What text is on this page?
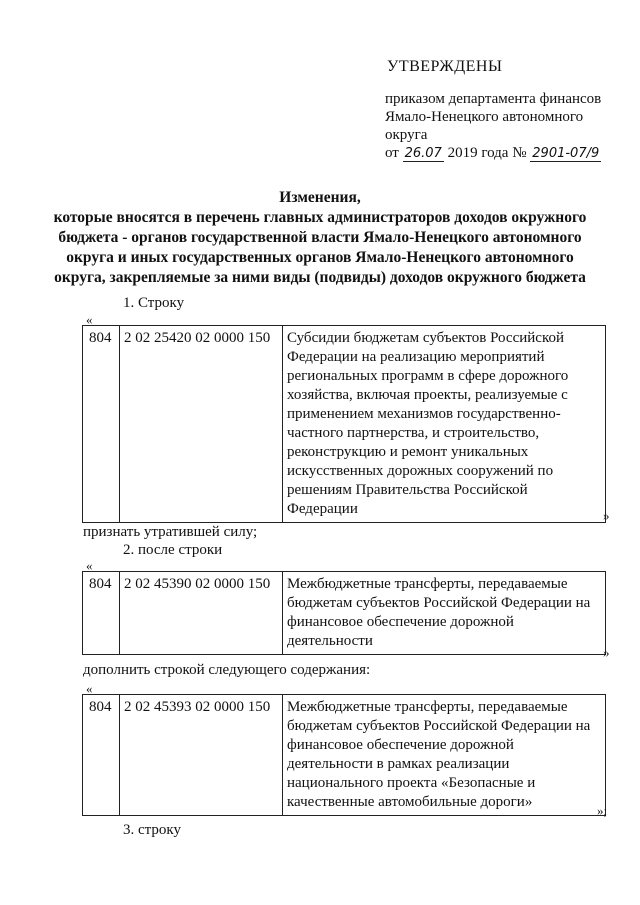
УТВЕРЖДЕНЫ
приказом департамента финансов
Ямало-Ненецкого автономного
округа
от 26.07 2019 года № 2901-07/9
Изменения,
которые вносятся в перечень главных администраторов доходов окружного
бюджета - органов государственной власти Ямало-Ненецкого автономного
округа и иных государственных органов Ямало-Ненецкого автономного
округа, закрепляемые за ними виды (подвиды) доходов окружного бюджета
1. Строку
«
804	2 02 25420 02 0000 150	Субсидии бюджетам субъектов Российской Федерации на реализацию мероприятий региональных программ в сфере дорожного хозяйства, включая проекты, реализуемые с применением механизмов государственно-частного партнерства, и строительство, реконструкцию и ремонт уникальных искусственных дорожных сооружений по решениям Правительства Российской Федерации	»
признать утратившей силу;
2. после строки
«
804	2 02 45390 02 0000 150	Межбюджетные трансферты, передаваемые бюджетам субъектов Российской Федерации на финансовое обеспечение дорожной деятельности
»
дополнить строкой следующего содержания:
«
804	2 02 45393 02 0000 150	Межбюджетные трансферты, передаваемые бюджетам субъектов Российской Федерации на финансовое обеспечение дорожной деятельности в рамках реализации национального проекта «Безопасные и качественные автомобильные дороги»
»;
3. строку
